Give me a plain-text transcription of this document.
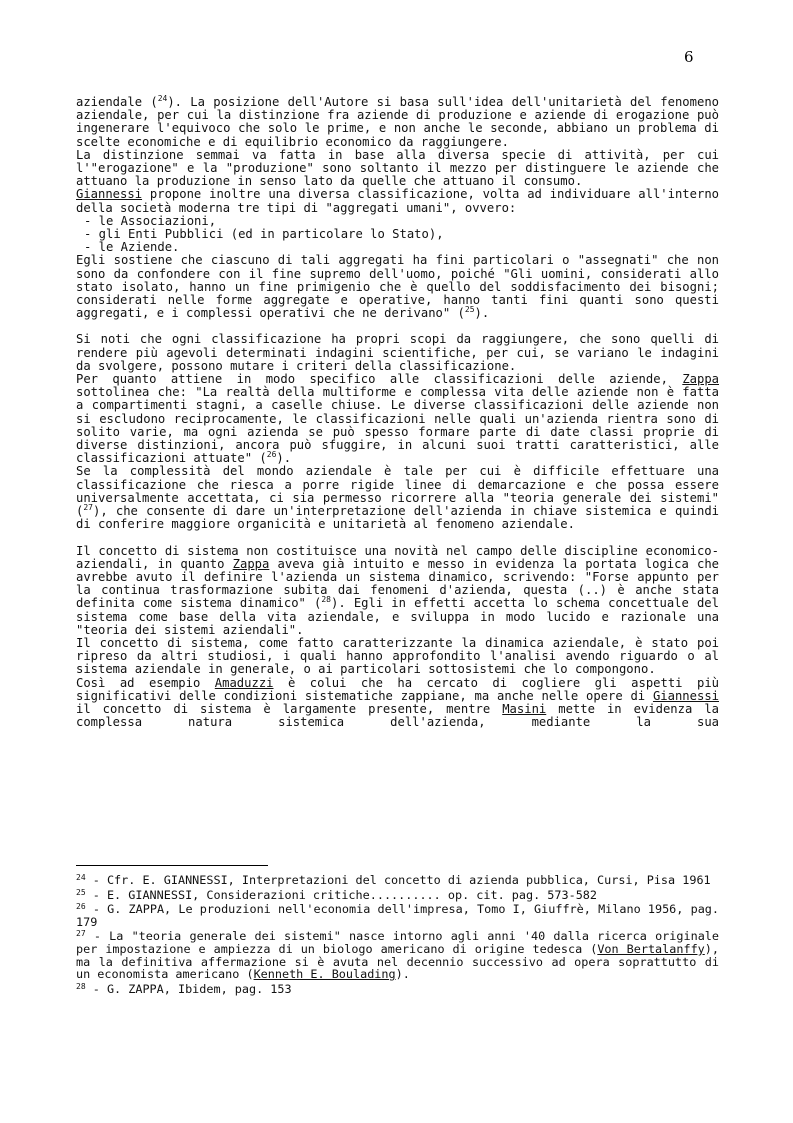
6

aziendale ($^{24}$). La posizione dell'Autore si basa sull'idea dell'unitarietà del fenomeno aziendale, per cui la distinzione fra aziende di produzione e aziende di erogazione può ingenerare l'equivoco che solo le prime, e non anche le seconde, abbiano un problema di scelte economiche e di equilibrio economico da raggiungere.

La distinzione semmai va fatta in base alla diversa specie di attività, per cui l'"erogazione" e la "produzione" sono soltanto il mezzo per distinguere le aziende che attuano la produzione in senso lato da quelle che attuano il consumo.

Giannessi propone inoltre una diversa classificazione, volta ad individuare all'interno della società moderna tre tipi di "aggregati umani", ovvero:

- le Associazioni,
- gli Enti Pubblici (ed in particolare lo Stato),
- le Aziende.

Egli sostiene che ciascuno di tali aggregati ha fini particolari o "assegnati" che non sono da confondere con il fine supremo dell'uomo, poiché "Gli uomini, considerati allo stato isolato, hanno un fine primigenio che è quello del soddisfacimento dei bisogni; considerati nelle forme aggregate e operative, hanno tanti fini quanti sono questi aggregati, e i complessi operativi che ne derivano" ($^{25}$).

Si noti che ogni classificazione ha propri scopi da raggiungere, che sono quelli di rendere più agevoli determinati indagini scientifiche, per cui, se variano le indagini da svolgere, possono mutare i criteri della classificazione.

Per quanto attiene in modo specifico alle classificazioni delle aziende, Zappa sottolinea che: "La realtà della multiforme e complessa vita delle aziende non è fatta a compartimenti stagni, a caselle chiuse. Le diverse classificazioni delle aziende non si escludono reciprocamente, le classificazioni nelle quali un'azienda rientra sono di solito varie, ma ogni azienda se può spesso formare parte di date classi proprie di diverse distinzioni, ancora può sfuggire, in alcuni suoi tratti caratteristici, alle classificazioni attuate" ($^{26}$).

Se la complessità del mondo aziendale è tale per cui è difficile effettuare una classificazione che riesca a porre rigide linee di demarcazione e che possa essere universalmente accettata, ci sia permesso ricorrere alla "teoria generale dei sistemi" ($^{27}$), che consente di dare un'interpretazione dell'azienda in chiave sistemica e quindi di conferire maggiore organicità e unitarietà al fenomeno aziendale.

Il concetto di sistema non costituisce una novità nel campo delle discipline economico-aziendali, in quanto Zappa aveva già intuito e messo in evidenza la portata logica che avrebbe avuto il definire l'azienda un sistema dinamico, scrivendo: "Forse appunto per la continua trasformazione subita dai fenomeni d'azienda, questa (..) è anche stata definita come sistema dinamico" ($^{28}$). Egli in effetti accetta lo schema concettuale del sistema come base della vita aziendale, e sviluppa in modo lucido e razionale una "teoria dei sistemi aziendali".

Il concetto di sistema, come fatto caratterizzante la dinamica aziendale, è stato poi ripreso da altri studiosi, i quali hanno approfondito l'analisi avendo riguardo o al sistema aziendale in generale, o ai particolari sottosistemi che lo compongono.

Così ad esempio Amaduzzi è colui che ha cercato di cogliere gli aspetti più significativi delle condizioni sistematiche zappiane, ma anche nelle opere di Giannessi il concetto di sistema è largamente presente, mentre Masini mette in evidenza la complessa natura sistemica dell'azienda, mediante la sua

$^{24}$ - Cfr. E. GIANNESSI, Interpretazioni del concetto di azienda pubblica, Cursi, Pisa 1961

$^{25}$ - E. GIANNESSI, Considerazioni critiche.......... op. cit. pag. 573-582

$^{26}$ - G. ZAPPA, Le produzioni nell'economia dell'impresa, Tomo I, Giuffrè, Milano 1956, pag. 179

$^{27}$ - La "teoria generale dei sistemi" nasce intorno agli anni '40 dalla ricerca originale per impostazione e ampiezza di un biologo americano di origine tedesca (Von Bertalanffy), ma la definitiva affermazione si è avuta nel decennio successivo ad opera soprattutto di un economista americano (Kenneth E. Boulading).

$^{28}$ - G. ZAPPA, Ibidem, pag. 153
